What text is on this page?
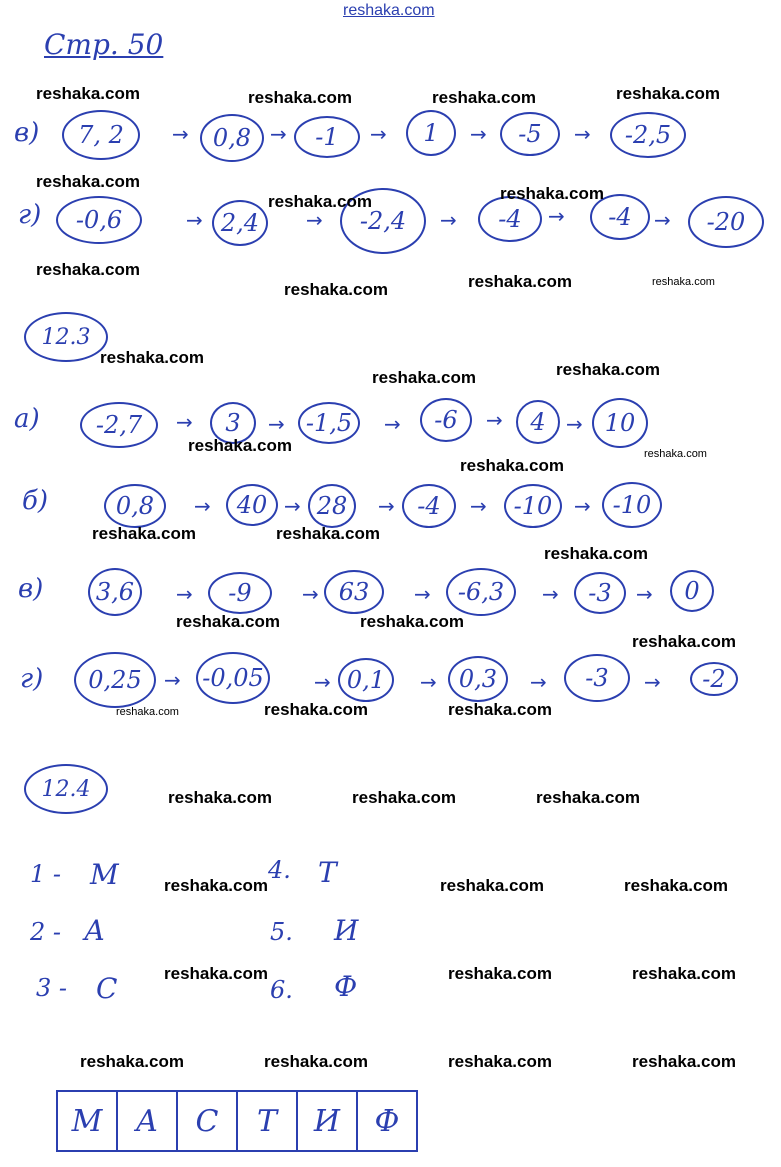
reshaka.com
Стр. 50
в)	7, 2	→	0,8 →	-1	→	1	→	-5	→	-2,5
г)	-0,6	→ 2,4	→	-2,4	→	-4	→	-4	→	-20
12.3
а)	-2,7	→	3	→ -1,5	→	-6	→	4	→ 10
б)	0,8	→	40 → 28	→ -4	→	-10	→ -10
в)	3,6	→	-9	→ 63	→	-6,3	→	-3	→	0
г)	0,25	→ -0,05	→ 0,1	→ 0,3	→	-3	→	-2
12.4
1 - М
2 - А
3 - С
4. Т
5. И
6. Ф
М	А	С	Т	И	Ф
reshaka.com	reshaka.com	reshaka.com	reshaka.com
reshaka.com
reshaka.com	reshaka.com
reshaka.com
reshaka.com	reshaka.com	reshaka.com
reshaka.com
reshaka.com	reshaka.com
reshaka.com	reshaka.com
reshaka.com
reshaka.com	reshaka.com
reshaka.com
reshaka.com	reshaka.com
reshaka.com
reshaka.com	reshaka.com	reshaka.com
reshaka.com	reshaka.com	reshaka.com
reshaka.com	reshaka.com	reshaka.com
reshaka.com	reshaka.com	reshaka.com
reshaka.com	reshaka.com	reshaka.com	reshaka.com
